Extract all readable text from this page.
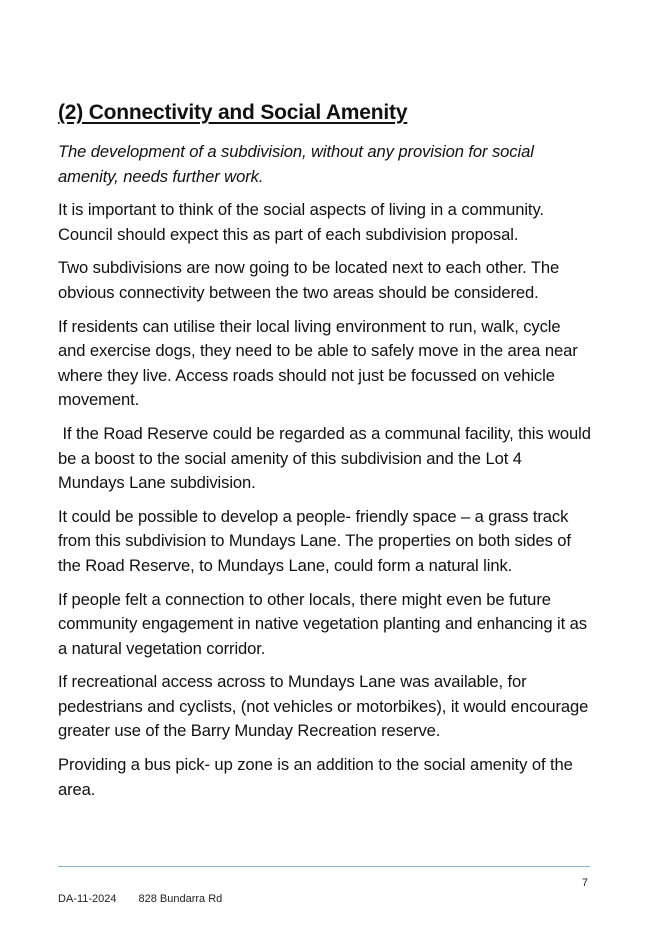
(2) Connectivity and Social Amenity

The development of a subdivision, without any provision for social amenity, needs further work.

It is important to think of the social aspects of living in a community. Council should expect this as part of each subdivision proposal.

Two subdivisions are now going to be located next to each other. The obvious connectivity between the two areas should be considered.

If residents can utilise their local living environment to run, walk, cycle and exercise dogs, they need to be able to safely move in the area near where they live. Access roads should not just be focussed on vehicle movement.

If the Road Reserve could be regarded as a communal facility, this would be a boost to the social amenity of this subdivision and the Lot 4 Mundays Lane subdivision.

It could be possible to develop a people- friendly space – a grass track from this subdivision to Mundays Lane. The properties on both sides of the Road Reserve, to Mundays Lane, could form a natural link.

If people felt a connection to other locals, there might even be future community engagement in native vegetation planting and enhancing it as a natural vegetation corridor.

If recreational access across to Mundays Lane was available, for pedestrians and cyclists, (not vehicles or motorbikes), it would encourage greater use of the Barry Munday Recreation reserve.

Providing a bus pick- up zone is an addition to the social amenity of the area.

7
DA-11-2024 828 Bundarra Rd
